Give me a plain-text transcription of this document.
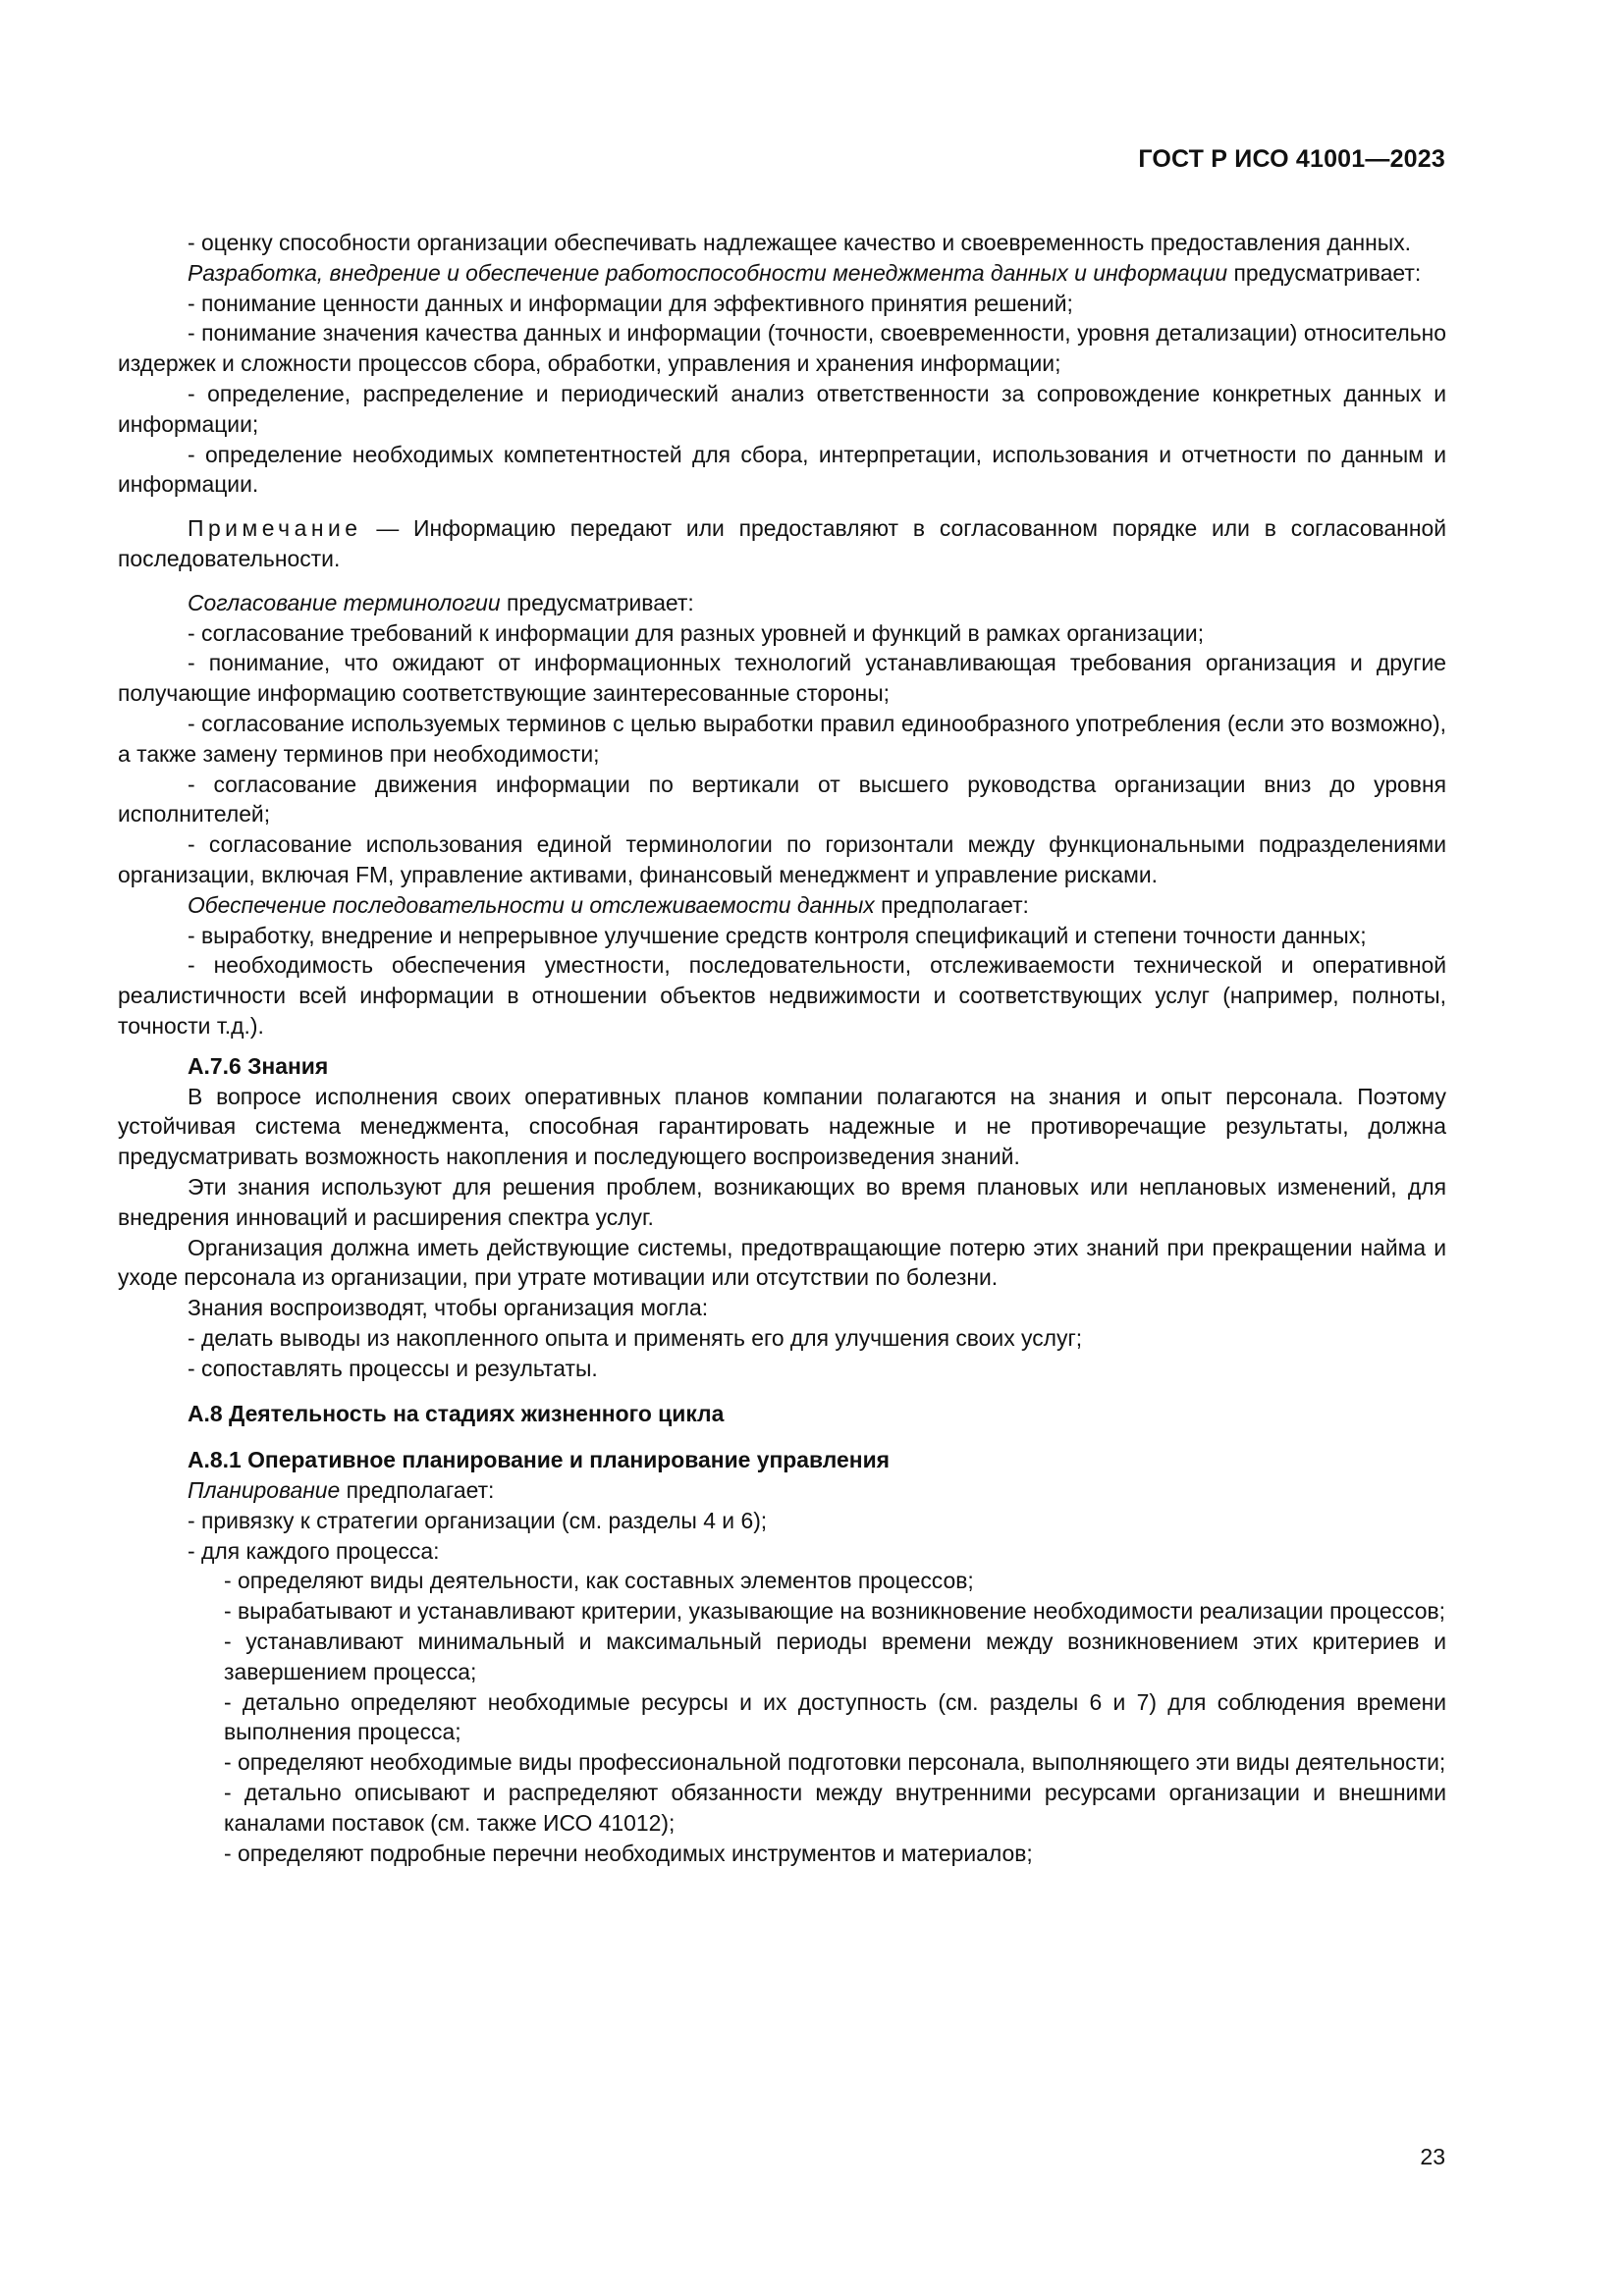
ГОСТ Р ИСО 41001—2023

- оценку способности организации обеспечивать надлежащее качество и своевременность предоставления данных.

Разработка, внедрение и обеспечение работоспособности менеджмента данных и информации предусматривает:

- понимание ценности данных и информации для эффективного принятия решений;

- понимание значения качества данных и информации (точности, своевременности, уровня детализации) относительно издержек и сложности процессов сбора, обработки, управления и хранения информации;

- определение, распределение и периодический анализ ответственности за сопровождение конкретных данных и информации;

- определение необходимых компетентностей для сбора, интерпретации, использования и отчетности по данным и информации.

Примечание — Информацию передают или предоставляют в согласованном порядке или в согласованной последовательности.

Согласование терминологии предусматривает:

- согласование требований к информации для разных уровней и функций в рамках организации;

- понимание, что ожидают от информационных технологий устанавливающая требования организация и другие получающие информацию соответствующие заинтересованные стороны;

- согласование используемых терминов с целью выработки правил единообразного употребления (если это возможно), а также замену терминов при необходимости;

- согласование движения информации по вертикали от высшего руководства организации вниз до уровня исполнителей;

- согласование использования единой терминологии по горизонтали между функциональными подразделениями организации, включая FM, управление активами, финансовый менеджмент и управление рисками.

Обеспечение последовательности и отслеживаемости данных предполагает:

- выработку, внедрение и непрерывное улучшение средств контроля спецификаций и степени точности данных;

- необходимость обеспечения уместности, последовательности, отслеживаемости технической и оперативной реалистичности всей информации в отношении объектов недвижимости и соответствующих услуг (например, полноты, точности т.д.).

А.7.6 Знания

В вопросе исполнения своих оперативных планов компании полагаются на знания и опыт персонала. Поэтому устойчивая система менеджмента, способная гарантировать надежные и не противоречащие результаты, должна предусматривать возможность накопления и последующего воспроизведения знаний.

Эти знания используют для решения проблем, возникающих во время плановых или неплановых изменений, для внедрения инноваций и расширения спектра услуг.

Организация должна иметь действующие системы, предотвращающие потерю этих знаний при прекращении найма и уходе персонала из организации, при утрате мотивации или отсутствии по болезни.

Знания воспроизводят, чтобы организация могла:

- делать выводы из накопленного опыта и применять его для улучшения своих услуг;

- сопоставлять процессы и результаты.

А.8 Деятельность на стадиях жизненного цикла

А.8.1 Оперативное планирование и планирование управления

Планирование предполагает:

- привязку к стратегии организации (см. разделы 4 и 6);

- для каждого процесса:

- определяют виды деятельности, как составных элементов процессов;

- вырабатывают и устанавливают критерии, указывающие на возникновение необходимости реализации процессов;

- устанавливают минимальный и максимальный периоды времени между возникновением этих критериев и завершением процесса;

- детально определяют необходимые ресурсы и их доступность (см. разделы 6 и 7) для соблюдения времени выполнения процесса;

- определяют необходимые виды профессиональной подготовки персонала, выполняющего эти виды деятельности;

- детально описывают и распределяют обязанности между внутренними ресурсами организации и внешними каналами поставок (см. также ИСО 41012);

- определяют подробные перечни необходимых инструментов и материалов;

23
